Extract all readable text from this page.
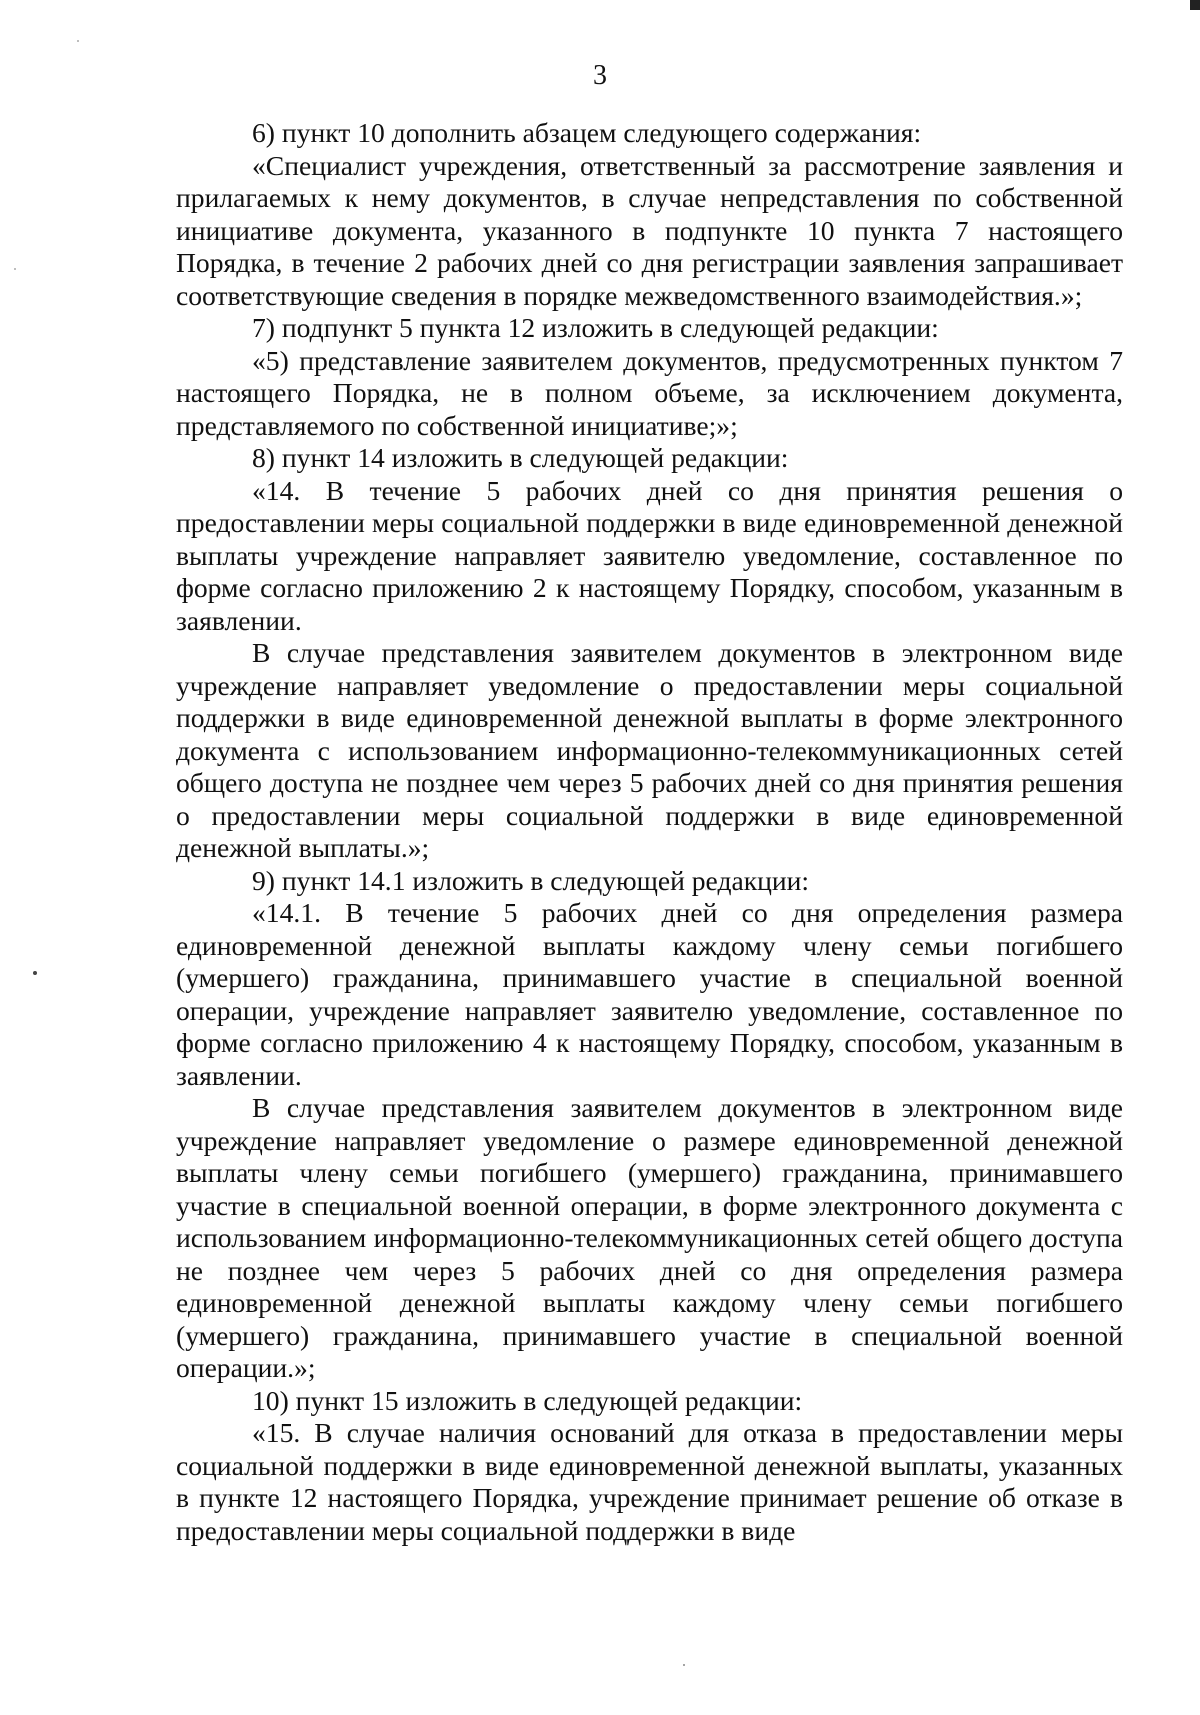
3

6) пункт 10 дополнить абзацем следующего содержания:

«Специалист учреждения, ответственный за рассмотрение заявления и прилагаемых к нему документов, в случае непредставления по собственной инициативе документа, указанного в подпункте 10 пункта 7 настоящего Порядка, в течение 2 рабочих дней со дня регистрации заявления запрашивает соответствующие сведения в порядке межведомственного взаимодействия.»;

7) подпункт 5 пункта 12 изложить в следующей редакции:

«5) представление заявителем документов, предусмотренных пунктом 7 настоящего Порядка, не в полном объеме, за исключением документа, представляемого по собственной инициативе;»;

8) пункт 14 изложить в следующей редакции:

«14. В течение 5 рабочих дней со дня принятия решения о предоставлении меры социальной поддержки в виде единовременной денежной выплаты учреждение направляет заявителю уведомление, составленное по форме согласно приложению 2 к настоящему Порядку, способом, указанным в заявлении.

В случае представления заявителем документов в электронном виде учреждение направляет уведомление о предоставлении меры социальной поддержки в виде единовременной денежной выплаты в форме электронного документа с использованием информационно-телекоммуникационных сетей общего доступа не позднее чем через 5 рабочих дней со дня принятия решения о предоставлении меры социальной поддержки в виде единовременной денежной выплаты.»;

9) пункт 14.1 изложить в следующей редакции:

«14.1. В течение 5 рабочих дней со дня определения размера единовременной денежной выплаты каждому члену семьи погибшего (умершего) гражданина, принимавшего участие в специальной военной операции, учреждение направляет заявителю уведомление, составленное по форме согласно приложению 4 к настоящему Порядку, способом, указанным в заявлении.

В случае представления заявителем документов в электронном виде учреждение направляет уведомление о размере единовременной денежной выплаты члену семьи погибшего (умершего) гражданина, принимавшего участие в специальной военной операции, в форме электронного документа с использованием информационно-телекоммуникационных сетей общего доступа не позднее чем через 5 рабочих дней со дня определения размера единовременной денежной выплаты каждому члену семьи погибшего (умершего) гражданина, принимавшего участие в специальной военной операции.»;

10) пункт 15 изложить в следующей редакции:

«15. В случае наличия оснований для отказа в предоставлении меры социальной поддержки в виде единовременной денежной выплаты, указанных в пункте 12 настоящего Порядка, учреждение принимает решение об отказе в предоставлении меры социальной поддержки в виде
